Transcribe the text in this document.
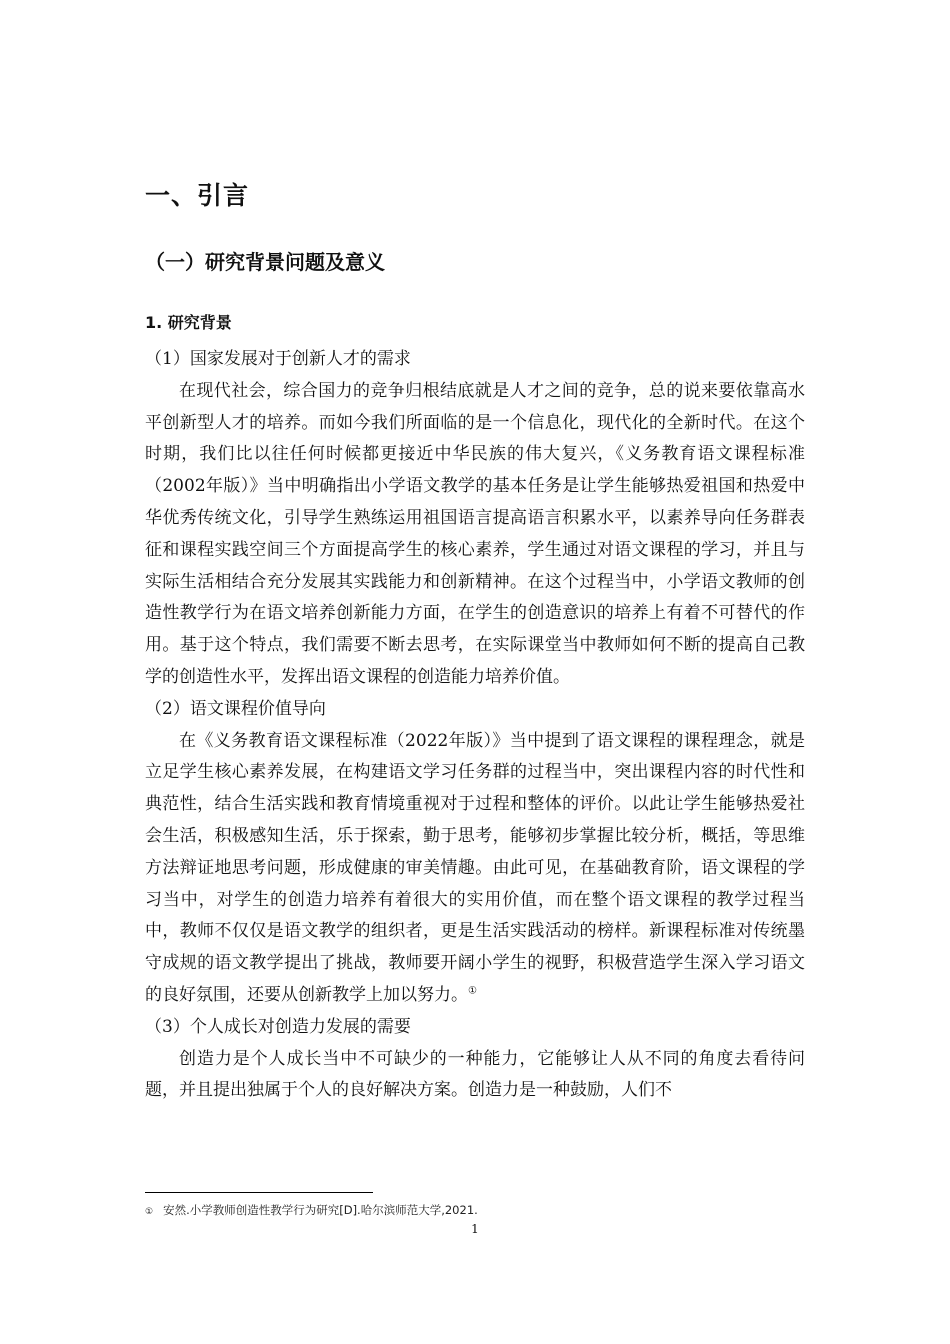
一、引言
（一）研究背景问题及意义
1. 研究背景

（1）国家发展对于创新人才的需求

在现代社会，综合国力的竞争归根结底就是人才之间的竞争，总的说来要依靠高水平创新型人才的培养。而如今我们所面临的是一个信息化，现代化的全新时代。在这个时期，我们比以往任何时候都更接近中华民族的伟大复兴，《义务教育语文课程标准（2002年版）》当中明确指出小学语文教学的基本任务是让学生能够热爱祖国和热爱中华优秀传统文化，引导学生熟练运用祖国语言提高语言积累水平，以素养导向任务群表征和课程实践空间三个方面提高学生的核心素养，学生通过对语文课程的学习，并且与实际生活相结合充分发展其实践能力和创新精神。在这个过程当中，小学语文教师的创造性教学行为在语文培养创新能力方面，在学生的创造意识的培养上有着不可替代的作用。基于这个特点，我们需要不断去思考，在实际课堂当中教师如何不断的提高自己教学的创造性水平，发挥出语文课程的创造能力培养价值。

（2）语文课程价值导向

在《义务教育语文课程标准（2022年版）》当中提到了语文课程的课程理念，就是立足学生核心素养发展，在构建语文学习任务群的过程当中，突出课程内容的时代性和典范性，结合生活实践和教育情境重视对于过程和整体的评价。以此让学生能够热爱社会生活，积极感知生活，乐于探索，勤于思考，能够初步掌握比较分析，概括，等思维方法辩证地思考问题，形成健康的审美情趣。由此可见，在基础教育阶，语文课程的学习当中，对学生的创造力培养有着很大的实用价值，而在整个语文课程的教学过程当中，教师不仅仅是语文教学的组织者，更是生活实践活动的榜样。新课程标准对传统墨守成规的语文教学提出了挑战，教师要开阔小学生的视野，积极营造学生深入学习语文的良好氛围，还要从创新教学上加以努力。①

（3）个人成长对创造力发展的需要

创造力是个人成长当中不可缺少的一种能力，它能够让人从不同的角度去看待问题，并且提出独属于个人的良好解决方案。创造力是一种鼓励，人们不

① 安然.小学教师创造性教学行为研究[D].哈尔滨师范大学,2021.
1
